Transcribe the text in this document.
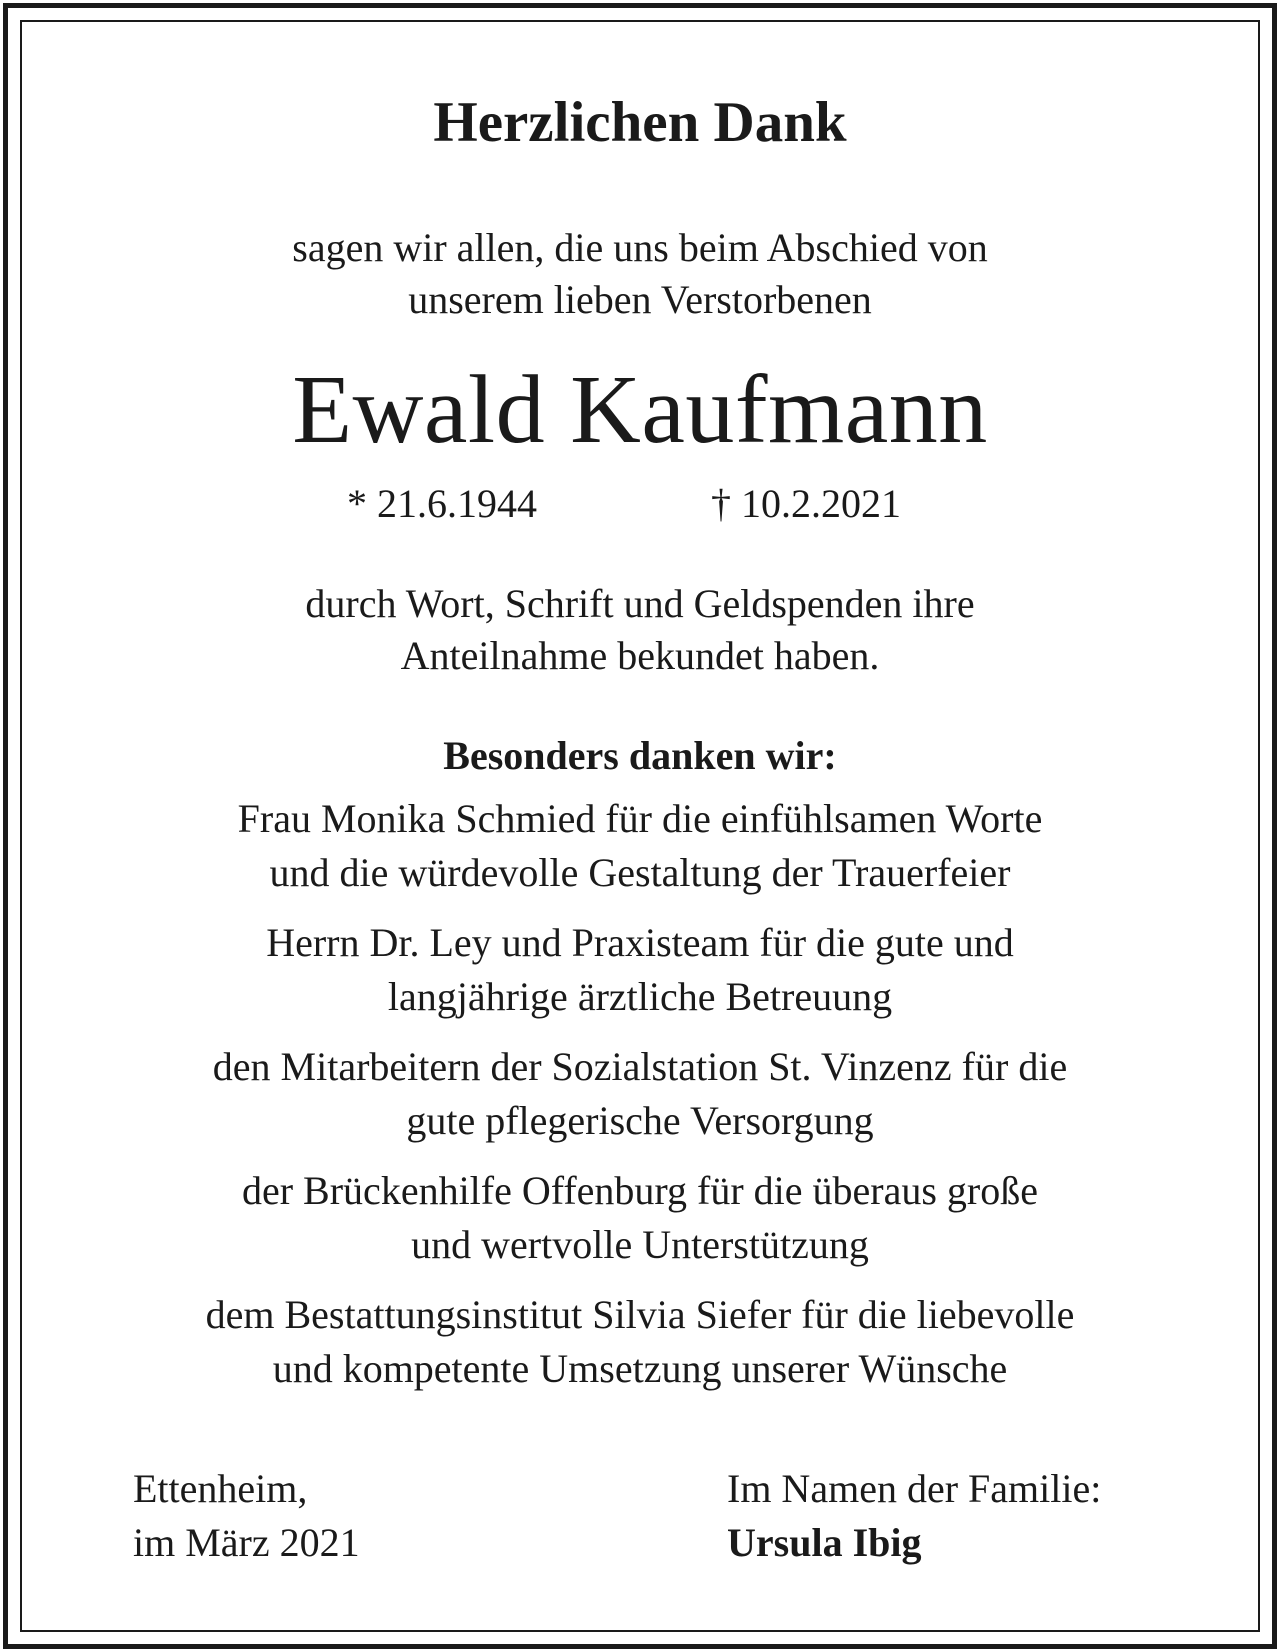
Herzlichen Dank
sagen wir allen, die uns beim Abschied von
unserem lieben Verstorbenen
Ewald Kaufmann
* 21.6.1944	† 10.2.2021
durch Wort, Schrift und Geldspenden ihre
Anteilnahme bekundet haben.
Besonders danken wir:
Frau Monika Schmied für die einfühlsamen Worte
und die würdevolle Gestaltung der Trauerfeier
Herrn Dr. Ley und Praxisteam für die gute und
langjährige ärztliche Betreuung
den Mitarbeitern der Sozialstation St. Vinzenz für die
gute pflegerische Versorgung
der Brückenhilfe Offenburg für die überaus große
und wertvolle Unterstützung
dem Bestattungsinstitut Silvia Siefer für die liebevolle
und kompetente Umsetzung unserer Wünsche
Ettenheim,
im März 2021
Im Namen der Familie:
Ursula Ibig
